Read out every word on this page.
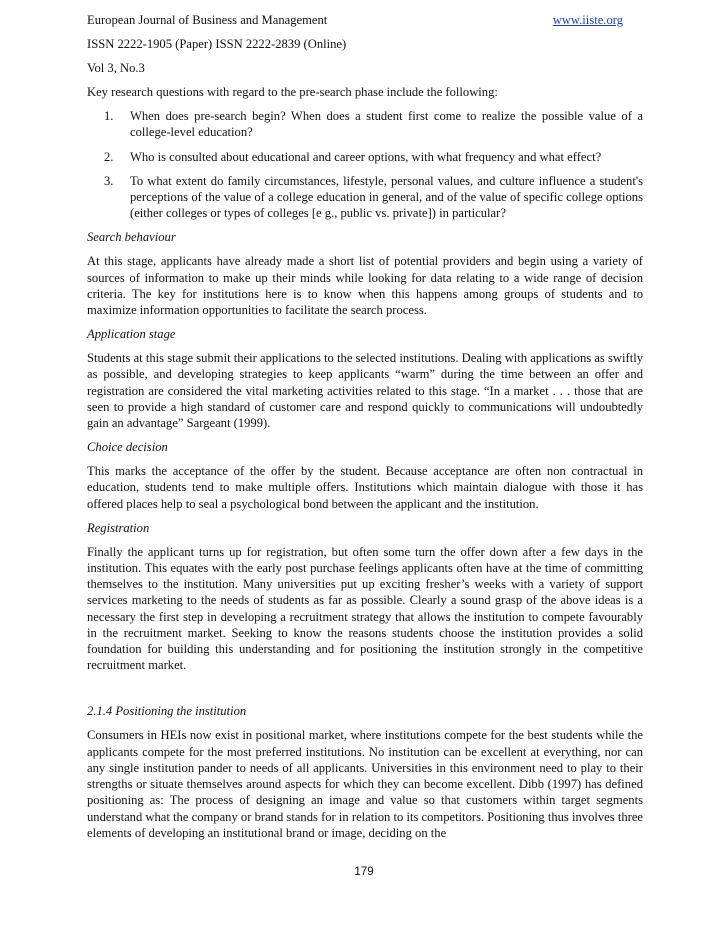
European Journal of Business and Management	www.iiste.org
ISSN 2222-1905 (Paper) ISSN 2222-2839 (Online)
Vol 3, No.3

Key research questions with regard to the pre-search phase include the following:

1. When does pre-search begin? When does a student first come to realize the possible value of a college-level education?
2. Who is consulted about educational and career options, with what frequency and what effect?
3. To what extent do family circumstances, lifestyle, personal values, and culture influence a student's perceptions of the value of a college education in general, and of the value of specific college options (either colleges or types of colleges [e g., public vs. private]) in particular?
Search behaviour

At this stage, applicants have already made a short list of potential providers and begin using a variety of sources of information to make up their minds while looking for data relating to a wide range of decision criteria. The key for institutions here is to know when this happens among groups of students and to maximize information opportunities to facilitate the search process.

Application stage

Students at this stage submit their applications to the selected institutions. Dealing with applications as swiftly as possible, and developing strategies to keep applicants “warm” during the time between an offer and registration are considered the vital marketing activities related to this stage. “In a market . . . those that are seen to provide a high standard of customer care and respond quickly to communications will undoubtedly gain an advantage” Sargeant (1999).

Choice decision

This marks the acceptance of the offer by the student. Because acceptance are often non contractual in education, students tend to make multiple offers. Institutions which maintain dialogue with those it has offered places help to seal a psychological bond between the applicant and the institution.

Registration

Finally the applicant turns up for registration, but often some turn the offer down after a few days in the institution. This equates with the early post purchase feelings applicants often have at the time of committing themselves to the institution. Many universities put up exciting fresher’s weeks with a variety of support services marketing to the needs of students as far as possible. Clearly a sound grasp of the above ideas is a necessary the first step in developing a recruitment strategy that allows the institution to compete favourably in the recruitment market. Seeking to know the reasons students choose the institution provides a solid foundation for building this understanding and for positioning the institution strongly in the competitive recruitment market.

2.1.4 Positioning the institution

Consumers in HEIs now exist in positional market, where institutions compete for the best students while the applicants compete for the most preferred institutions. No institution can be excellent at everything, nor can any single institution pander to needs of all applicants. Universities in this environment need to play to their strengths or situate themselves around aspects for which they can become excellent. Dibb (1997) has defined positioning as: The process of designing an image and value so that customers within target segments understand what the company or brand stands for in relation to its competitors. Positioning thus involves three elements of developing an institutional brand or image, deciding on the

179
